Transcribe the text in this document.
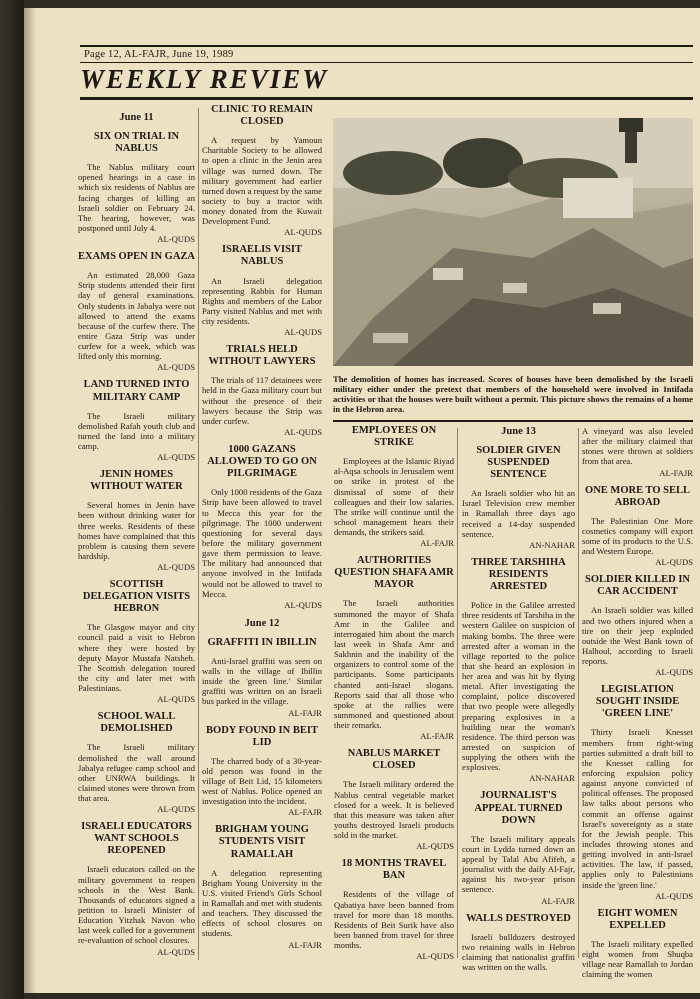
Page 12, AL-FAJR, June 19, 1989
WEEKLY REVIEW
June 11
SIX ON TRIAL IN NABLUS
The Nablus military court opened hearings in a case in which six residents of Nablus are facing charges of killing an Israeli soldier on February 24. The hearing, however, was postponed until July 4.
AL-QUDS
EXAMS OPEN IN GAZA
An estimated 28,000 Gaza Strip students attended their first day of general examinations. Only students in Jabalya were not allowed to attend the exams because of the curfew there. The entire Gaza Strip was under curfew for a week, which was lifted only this morning.
AL-QUDS
LAND TURNED INTO MILITARY CAMP
The Israeli military demolished Rafah youth club and turned the land into a military camp.
AL-QUDS
JENIN HOMES WITHOUT WATER
Several homes in Jenin have been without drinking water for three weeks. Residents of these homes have complained that this problem is causing them severe hardship.
AL-QUDS
SCOTTISH DELEGATION VISITS HEBRON
The Glasgow mayor and city council paid a visit to Hebron where they were hosted by deputy Mayor Mustafa Natsheh. The Scottish delegation toured the city and later met with Palestinians.
AL-QUDS
SCHOOL WALL DEMOLISHED
The Israeli military demolished the wall around Jabalya refugee camp school and other UNRWA buildings. It claimed stones were thrown from that area.
AL-QUDS
ISRAELI EDUCATORS WANT SCHOOLS REOPENED
Israeli educators called on the military government to reopen schools in the West Bank. Thousands of educators signed a petition to Israeli Minister of Education Yitzhak Navon who last week called for a government re-evaluation of school closures.
AL-QUDS
CLINIC TO REMAIN CLOSED
A request by Yamoun Charitable Society to be allowed to open a clinic in the Jenin area village was turned down. The military government had earlier turned down a request by the same society to buy a tractor with money donated from the Kuwait Development Fund.
AL-QUDS
ISRAELIS VISIT NABLUS
An Israeli delegation representing Rabbis for Human Rights and members of the Labor Party visited Nablus and met with city residents.
AL-QUDS
TRIALS HELD WITHOUT LAWYERS
The trials of 117 detainees were held in the Gaza military court but without the presence of their lawyers because the Strip was under curfew.
AL-QUDS
1000 GAZANS ALLOWED TO GO ON PILGRIMAGE
Only 1000 residents of the Gaza Strip have been allowed to travel to Mecca this year for the pilgrimage. The 1000 underwent questioning for several days before the military government gave them permission to leave. The military had announced that anyone involved in the Intifada would not be allowed to travel to Mecca.
AL-QUDS
June 12
GRAFFITI IN IBILLIN
Anti-Israel graffiti was seen on walls in the village of Ibillin inside the 'green line.' Similar graffiti was written on an Israeli bus parked in the village.
AL-FAJR
BODY FOUND IN BEIT LID
The charred body of a 30-year-old person was found in the village of Beit Lid, 15 kilometers west of Nablus. Police opened an investigation into the incident.
AL-FAJR
BRIGHAM YOUNG STUDENTS VISIT RAMALLAH
A delegation representing Brigham Young University in the U.S. visited Friend's Girls School in Ramallah and met with students and teachers. They discussed the effects of school closures on students.
AL-FAJR
The demolition of homes has increased. Scores of houses have been demolished by the Israeli military either under the pretext that members of the household were involved in Intifada activities or that the houses were built without a permit. This picture shows the remains of a home in the Hebron area.
EMPLOYEES ON STRIKE
Employees at the Islamic Riyad al-Aqsa schools in Jerusalem went on strike in protest of the dismissal of some of their colleagues and their low salaries. The strike will continue until the school management hears their demands, the strikers said.
AL-FAJR
AUTHORITIES QUESTION SHAFA AMR MAYOR
The Israeli authorities summoned the mayor of Shafa Amr in the Galilee and interrogated him about the march last week in Shafa Amr and Sakhnin and the inability of the organizers to control some of the participants. Some participants chanted anti-Israel slogans. Reports said that all those who spoke at the rallies were summoned and questioned about their remarks.
AL-FAJR
NABLUS MARKET CLOSED
The Israeli military ordered the Nablus central vegetable market closed for a week. It is believed that this measure was taken after youths destroyed Israeli products sold in the market.
AL-QUDS
18 MONTHS TRAVEL BAN
Residents of the village of Qabatiya have been banned from travel for more than 18 months. Residents of Beit Surik have also been banned from travel for three months.
AL-QUDS
June 13
SOLDIER GIVEN SUSPENDED SENTENCE
An Israeli soldier who hit an Israel Television crew member in Ramallah three days ago received a 14-day suspended sentence.
AN-NAHAR
THREE TARSHIHA RESIDENTS ARRESTED
Police in the Galilee arrested three residents of Tarshiha in the western Galilee on suspicion of making bombs. The three were arrested after a woman in the village reported to the police that she heard an explosion in her area and was hit by flying metal. After investigating the complaint, police discovered that two people were allegedly preparing explosives in a building near the woman's residence. The third person was arrested on suspicion of supplying the others with the explosives.
AN-NAHAR
JOURNALIST'S APPEAL TURNED DOWN
The Israeli military appeals court in Lydda turned down an appeal by Talal Abu Afifeh, a journalist with the daily Al-Fajr, against his two-year prison sentence.
AL-FAJR
WALLS DESTROYED
Israeli bulldozers destroyed two retaining walls in Hebron claiming that nationalist graffiti was written on the walls.
A vineyard was also leveled after the military claimed that stones were thrown at soldiers from that area.
AL-FAJR
ONE MORE TO SELL ABROAD
The Palestinian One More cosmetics company will export some of its products to the U.S. and Western Europe.
AL-QUDS
SOLDIER KILLED IN CAR ACCIDENT
An Israeli soldier was killed and two others injured when a tire on their jeep exploded outside the West Bank town of Halhoul, according to Israeli reports.
AL-QUDS
LEGISLATION SOUGHT INSIDE 'GREEN LINE'
Thirty Israeli Knesset members from right-wing parties submitted a draft bill to the Knesset calling for enforcing expulsion policy against anyone convicted of political offenses. The proposed law talks about persons who commit an offense against Israel's sovereignty as a state for the Jewish people. This includes throwing stones and getting involved in anti-Israel activities. The law, if passed, applies only to Palestinians inside the 'green line.'
AL-QUDS
EIGHT WOMEN EXPELLED
The Israeli military expelled eight women from Shuqba village near Ramallah to Jordan claiming the women
